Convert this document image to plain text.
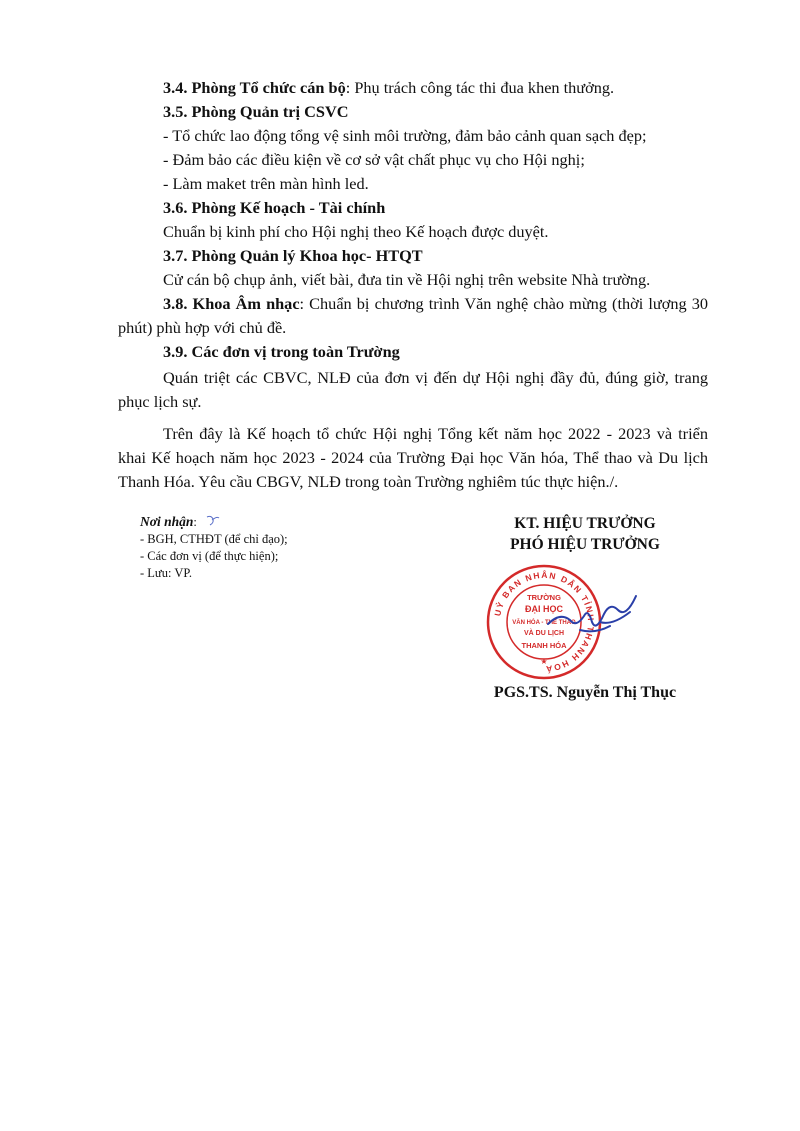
3.4. Phòng Tổ chức cán bộ: Phụ trách công tác thi đua khen thưởng.
3.5. Phòng Quản trị CSVC
- Tổ chức lao động tổng vệ sinh môi trường, đảm bảo cảnh quan sạch đẹp;
- Đảm bảo các điều kiện về cơ sở vật chất phục vụ cho Hội nghị;
- Làm maket trên màn hình led.
3.6. Phòng Kế hoạch - Tài chính
Chuẩn bị kinh phí cho Hội nghị theo Kế hoạch được duyệt.
3.7. Phòng Quản lý Khoa học- HTQT
Cử cán bộ chụp ảnh, viết bài, đưa tin về Hội nghị trên website Nhà trường.
3.8. Khoa Âm nhạc: Chuẩn bị chương trình Văn nghệ chào mừng (thời lượng 30
phút) phù hợp với chủ đề.
3.9. Các đơn vị trong toàn Trường
Quán triệt các CBVC, NLĐ của đơn vị đến dự Hội nghị đầy đủ, đúng giờ, trang
phục lịch sự.
Trên đây là Kế hoạch tổ chức Hội nghị Tổng kết năm học 2022 - 2023 và triển
khai Kế hoạch năm học 2023 - 2024 của Trường Đại học Văn hóa, Thể thao và Du lịch
Thanh Hóa. Yêu cầu CBGV, NLĐ trong toàn Trường nghiêm túc thực hiện./.
Nơi nhận:
- BGH, CTHĐT (để chỉ đạo);
- Các đơn vị (để thực hiện);
- Lưu: VP.
KT. HIỆU TRƯỞNG
PHÓ HIỆU TRƯỞNG
UỶ BAN NHÂN DÂN TỈNH THANH HOÁ
TRƯỜNG
ĐẠI HỌC
VĂN HÓA - THỂ THAO
VÀ DU LỊCH
THANH HÓA
★
PGS.TS. Nguyễn Thị Thục
